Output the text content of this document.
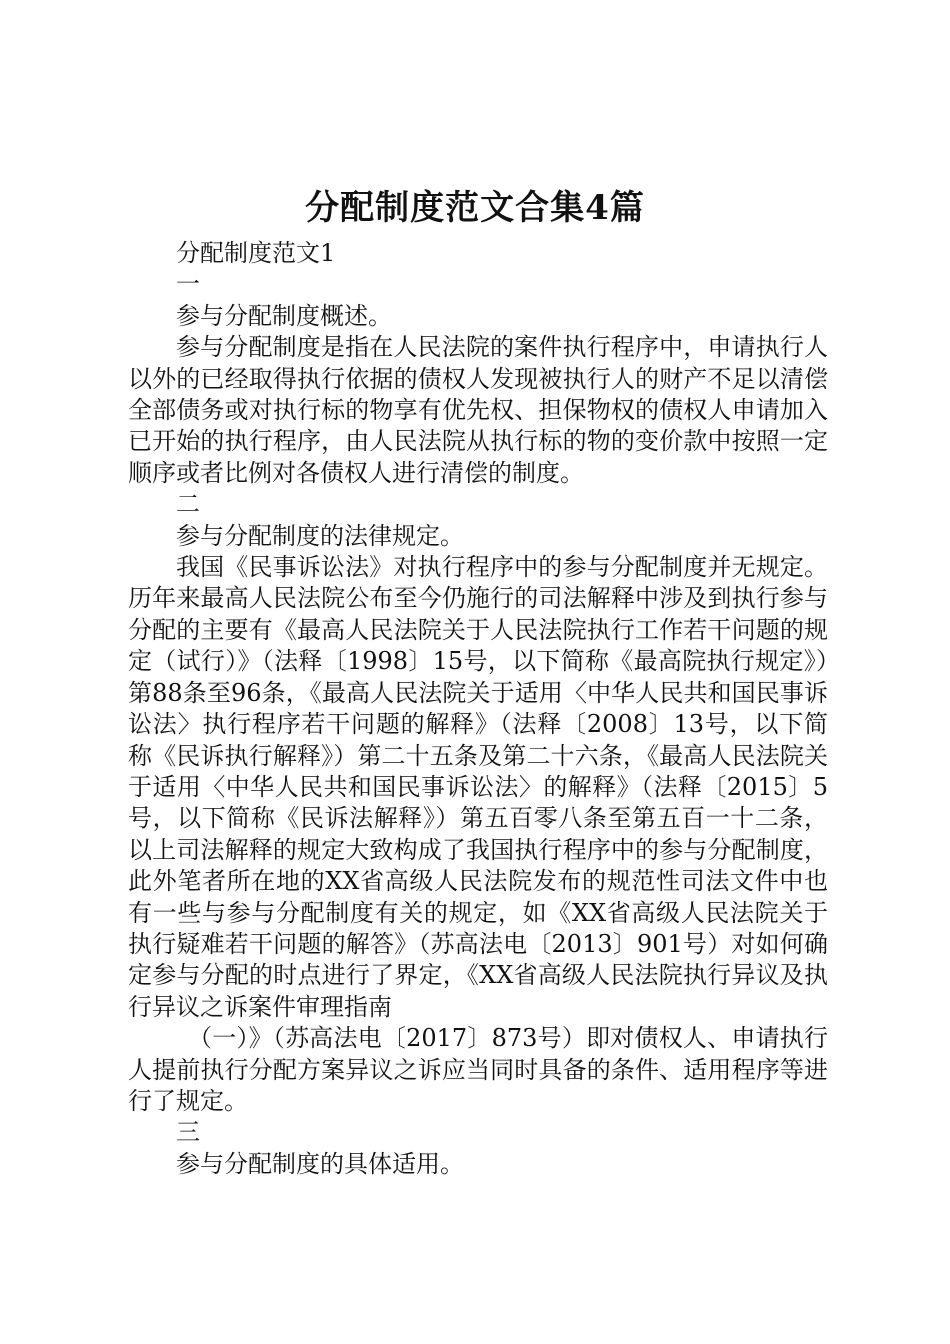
分配制度范文合集4篇

分配制度范文1

一

参与分配制度概述。

参与分配制度是指在人民法院的案件执行程序中，申请执行人以外的已经取得执行依据的债权人发现被执行人的财产不足以清偿全部债务或对执行标的物享有优先权、担保物权的债权人申请加入已开始的执行程序，由人民法院从执行标的物的变价款中按照一定顺序或者比例对各债权人进行清偿的制度。

二

参与分配制度的法律规定。

我国《民事诉讼法》对执行程序中的参与分配制度并无规定。历年来最高人民法院公布至今仍施行的司法解释中涉及到执行参与分配的主要有《最高人民法院关于人民法院执行工作若干问题的规定（试行）》（法释〔1998〕15号，以下简称《最高院执行规定》）第88条至96条，《最高人民法院关于适用〈中华人民共和国民事诉讼法〉执行程序若干问题的解释》（法释〔2008〕13号，以下简称《民诉执行解释》）第二十五条及第二十六条，《最高人民法院关于适用〈中华人民共和国民事诉讼法〉的解释》（法释〔2015〕5号，以下简称《民诉法解释》）第五百零八条至第五百一十二条，以上司法解释的规定大致构成了我国执行程序中的参与分配制度，此外笔者所在地的XX省高级人民法院发布的规范性司法文件中也有一些与参与分配制度有关的规定，如《XX省高级人民法院关于执行疑难若干问题的解答》（苏高法电〔2013〕901号）对如何确定参与分配的时点进行了界定，《XX省高级人民法院执行异议及执行异议之诉案件审理指南

（一）》（苏高法电〔2017〕873号）即对债权人、申请执行人提前执行分配方案异议之诉应当同时具备的条件、适用程序等进行了规定。

三

参与分配制度的具体适用。
